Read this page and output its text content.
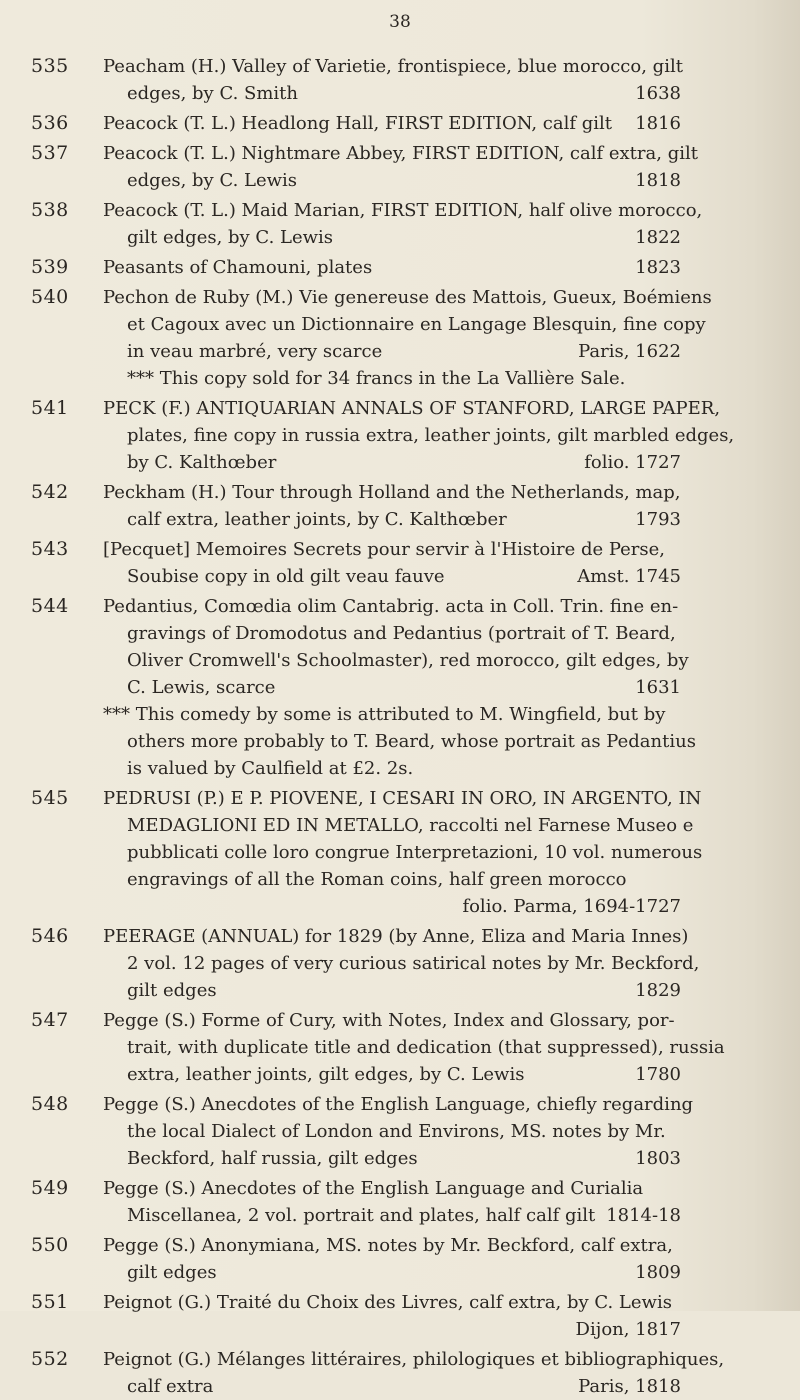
38
535 Peacham (H.) Valley of Varietie, frontispiece, blue morocco, gilt
edges, by C. Smith	1638
536 Peacock (T. L.) Headlong Hall, FIRST EDITION, calf gilt 1816
537 Peacock (T. L.) Nightmare Abbey, FIRST EDITION, calf extra, gilt
edges, by C. Lewis	1818
538 Peacock (T. L.) Maid Marian, FIRST EDITION, half olive morocco,
gilt edges, by C. Lewis	1822
539 Peasants of Chamouni, plates	1823
540 Pechon de Ruby (M.) Vie genereuse des Mattois, Gueux, Boémiens
et Cagoux avec un Dictionnaire en Langage Blesquin, fine copy
in veau marbré, very scarce	Paris, 1622
*** This copy sold for 34 francs in the La Vallière Sale.
541 PECK (F.) ANTIQUARIAN ANNALS OF STANFORD, LARGE PAPER,
plates, fine copy in russia extra, leather joints, gilt marbled edges,
by C. Kalthœber	folio. 1727
542 Peckham (H.) Tour through Holland and the Netherlands, map,
calf extra, leather joints, by C. Kalthœber	1793
543 [Pecquet] Memoires Secrets pour servir à l'Histoire de Perse,
Soubise copy in old gilt veau fauve	Amst. 1745
544 Pedantius, Comœdia olim Cantabrig. acta in Coll. Trin. fine en-
gravings of Dromodotus and Pedantius (portrait of T. Beard,
Oliver Cromwell's Schoolmaster), red morocco, gilt edges, by
C. Lewis, scarce	1631
*** This comedy by some is attributed to M. Wingfield, but by
others more probably to T. Beard, whose portrait as Pedantius
is valued by Caulfield at £2. 2s.
545 PEDRUSI (P.) E P. PIOVENE, I CESARI IN ORO, IN ARGENTO, IN
MEDAGLIONI ED IN METALLO, raccolti nel Farnese Museo e
pubblicati colle loro congrue Interpretazioni, 10 vol. numerous
engravings of all the Roman coins, half green morocco
folio. Parma, 1694-1727
546 PEERAGE (ANNUAL) for 1829 (by Anne, Eliza and Maria Innes)
2 vol. 12 pages of very curious satirical notes by Mr. Beckford,
gilt edges	1829
547 Pegge (S.) Forme of Cury, with Notes, Index and Glossary, por-
trait, with duplicate title and dedication (that suppressed), russia
extra, leather joints, gilt edges, by C. Lewis	1780
548 Pegge (S.) Anecdotes of the English Language, chiefly regarding
the local Dialect of London and Environs, MS. notes by Mr.
Beckford, half russia, gilt edges	1803
549 Pegge (S.) Anecdotes of the English Language and Curialia
Miscellanea, 2 vol. portrait and plates, half calf gilt 1814-18
550 Pegge (S.) Anonymiana, MS. notes by Mr. Beckford, calf extra,
gilt edges	1809
551 Peignot (G.) Traité du Choix des Livres, calf extra, by C. Lewis
Dijon, 1817
552 Peignot (G.) Mélanges littéraires, philologiques et bibliographiques,
calf extra	Paris, 1818
